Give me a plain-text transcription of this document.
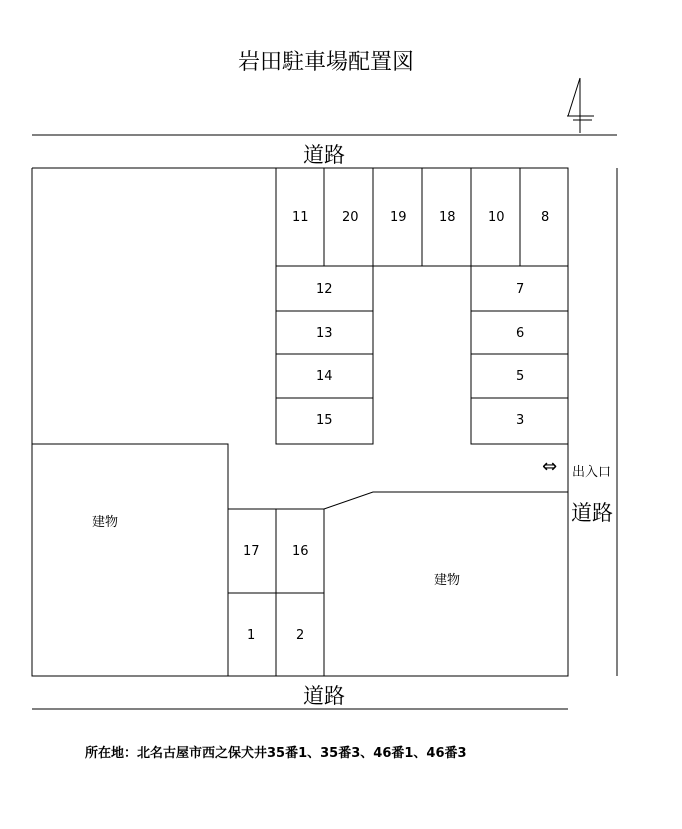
岩田駐車場配置図
11	20 19 18 10	8
12	7
13	6
14	5
15	3
17 16
1	2
建物
建物
道路
道路
道路
⇔ 出入口
所在地：北名古屋市西之保犬井35番1、35番3、46番1、46番3
